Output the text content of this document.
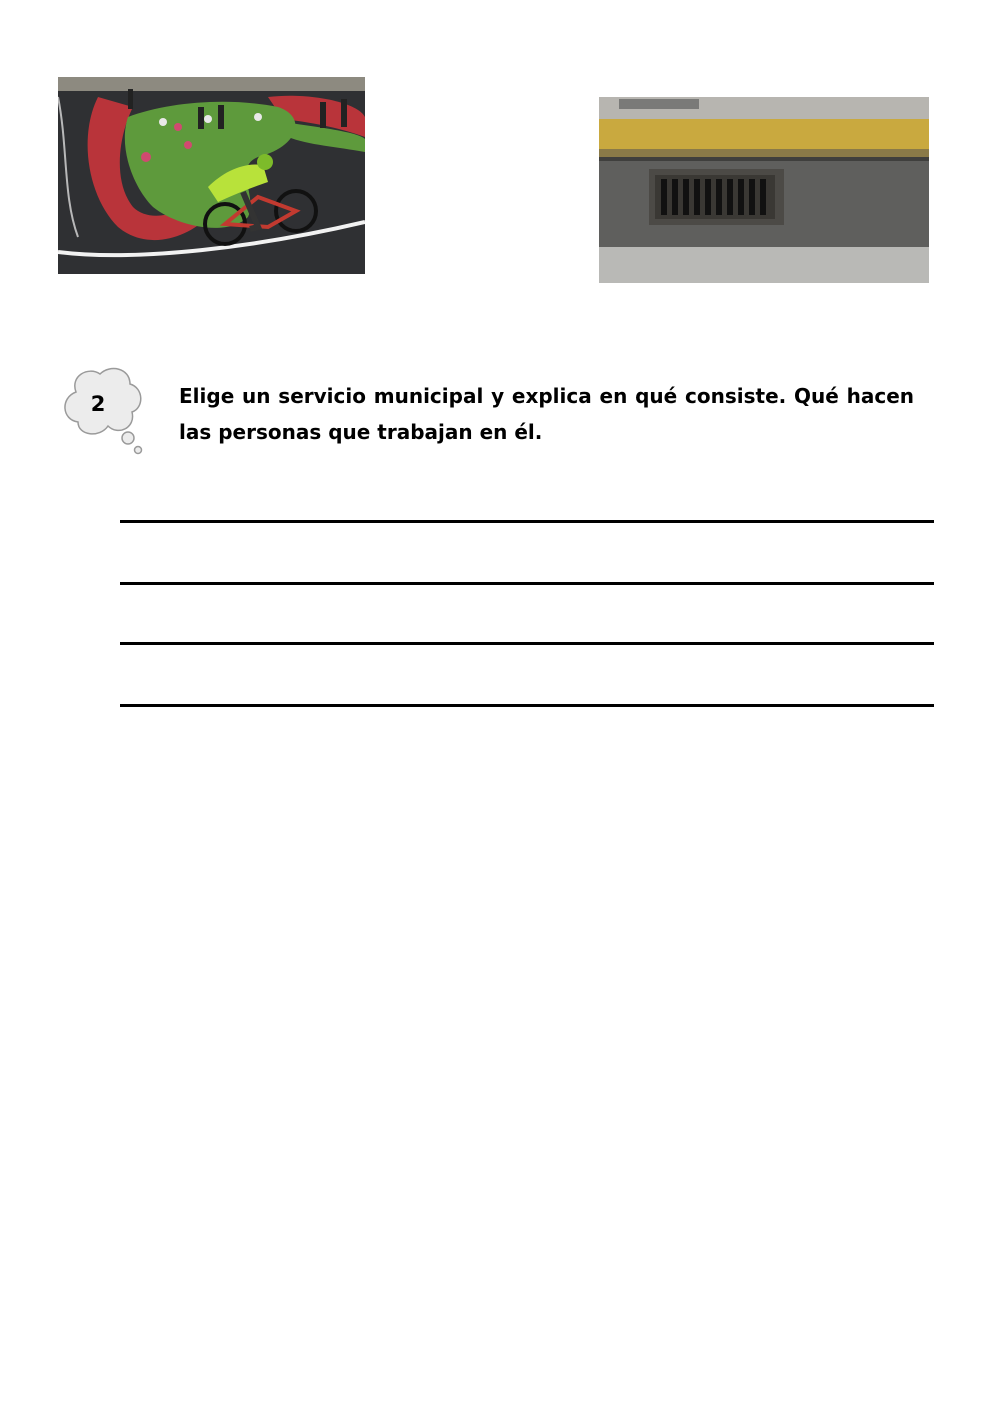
2	Elige un servicio municipal y explica en qué consiste. Qué hacen las personas que trabajan en él.
